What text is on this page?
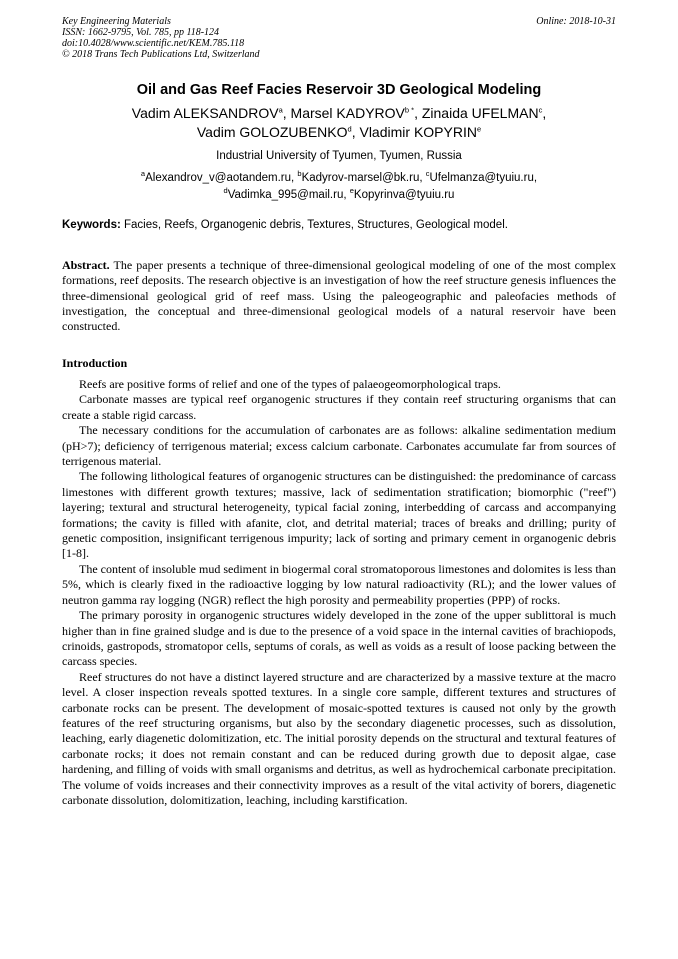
Key Engineering Materials
ISSN: 1662-9795, Vol. 785, pp 118-124
doi:10.4028/www.scientific.net/KEM.785.118
© 2018 Trans Tech Publications Ltd, Switzerland
Online: 2018-10-31
Oil and Gas Reef Facies Reservoir 3D Geological Modeling
Vadim ALEKSANDROV$^a$, Marsel $KADYROV^{b *}$, Zinaida UFELMAN$^c$,
Vadim GOLOZUBENKO$^d$, Vladimir KOPYRIN$^e$
Industrial University of Tyumen, Tyumen, Russia
$^a$Alexandrov_v@aotandem.ru, $^b$Kadyrov-marsel@bk.ru, $^c$Ufelmanza@tyuiu.ru,
$^d$Vadimka_995@mail.ru, $^e$Kopyrinva@tyuiu.ru
Keywords: Facies, Reefs, Organogenic debris, Textures, Structures, Geological model.
Abstract. The paper presents a technique of three-dimensional geological modeling of one of the most complex formations, reef deposits. The research objective is an investigation of how the reef structure genesis influences the three-dimensional geological grid of reef mass. Using the paleogeographic and paleofacies methods of investigation, the conceptual and three-dimensional geological models of a natural reservoir have been constructed.
Introduction

Reefs are positive forms of relief and one of the types of palaeogeomorphological traps.

Carbonate masses are typical reef organogenic structures if they contain reef structuring organisms that can create a stable rigid carcass.

The necessary conditions for the accumulation of carbonates are as follows: alkaline sedimentation medium (pH>7); deficiency of terrigenous material; excess calcium carbonate. Carbonates accumulate far from sources of terrigenous material.

The following lithological features of organogenic structures can be distinguished: the predominance of carcass limestones with different growth textures; massive, lack of sedimentation stratification; biomorphic ("reef") layering; textural and structural heterogeneity, typical facial zoning, interbedding of carcass and accompanying formations; the cavity is filled with afanite, clot, and detrital material; traces of breaks and drilling; purity of genetic composition, insignificant terrigenous impurity; lack of sorting and primary cement in organogenic debris [1-8].

The content of insoluble mud sediment in biogermal coral stromatoporous limestones and dolomites is less than 5%, which is clearly fixed in the radioactive logging by low natural radioactivity (RL); and the lower values of neutron gamma ray logging (NGR) reflect the high porosity and permeability properties (PPP) of rocks.

The primary porosity in organogenic structures widely developed in the zone of the upper sublittoral is much higher than in fine grained sludge and is due to the presence of a void space in the internal cavities of brachiopods, crinoids, gastropods, stromatopor cells, septums of corals, as well as voids as a result of loose packing between the carcass species.

Reef structures do not have a distinct layered structure and are characterized by a massive texture at the macro level. A closer inspection reveals spotted textures. In a single core sample, different textures and structures of carbonate rocks can be present. The development of mosaic-spotted textures is caused not only by the growth features of the reef structuring organisms, but also by the secondary diagenetic processes, such as dissolution, leaching, early diagenetic dolomitization, etc. The initial porosity depends on the structural and textural features of carbonate rocks; it does not remain constant and can be reduced during growth due to deposit algae, case hardening, and filling of voids with small organisms and detritus, as well as hydrochemical carbonate precipitation. The volume of voids increases and their connectivity improves as a result of the vital activity of borers, diagenetic carbonate dissolution, dolomitization, leaching, including karstification.
